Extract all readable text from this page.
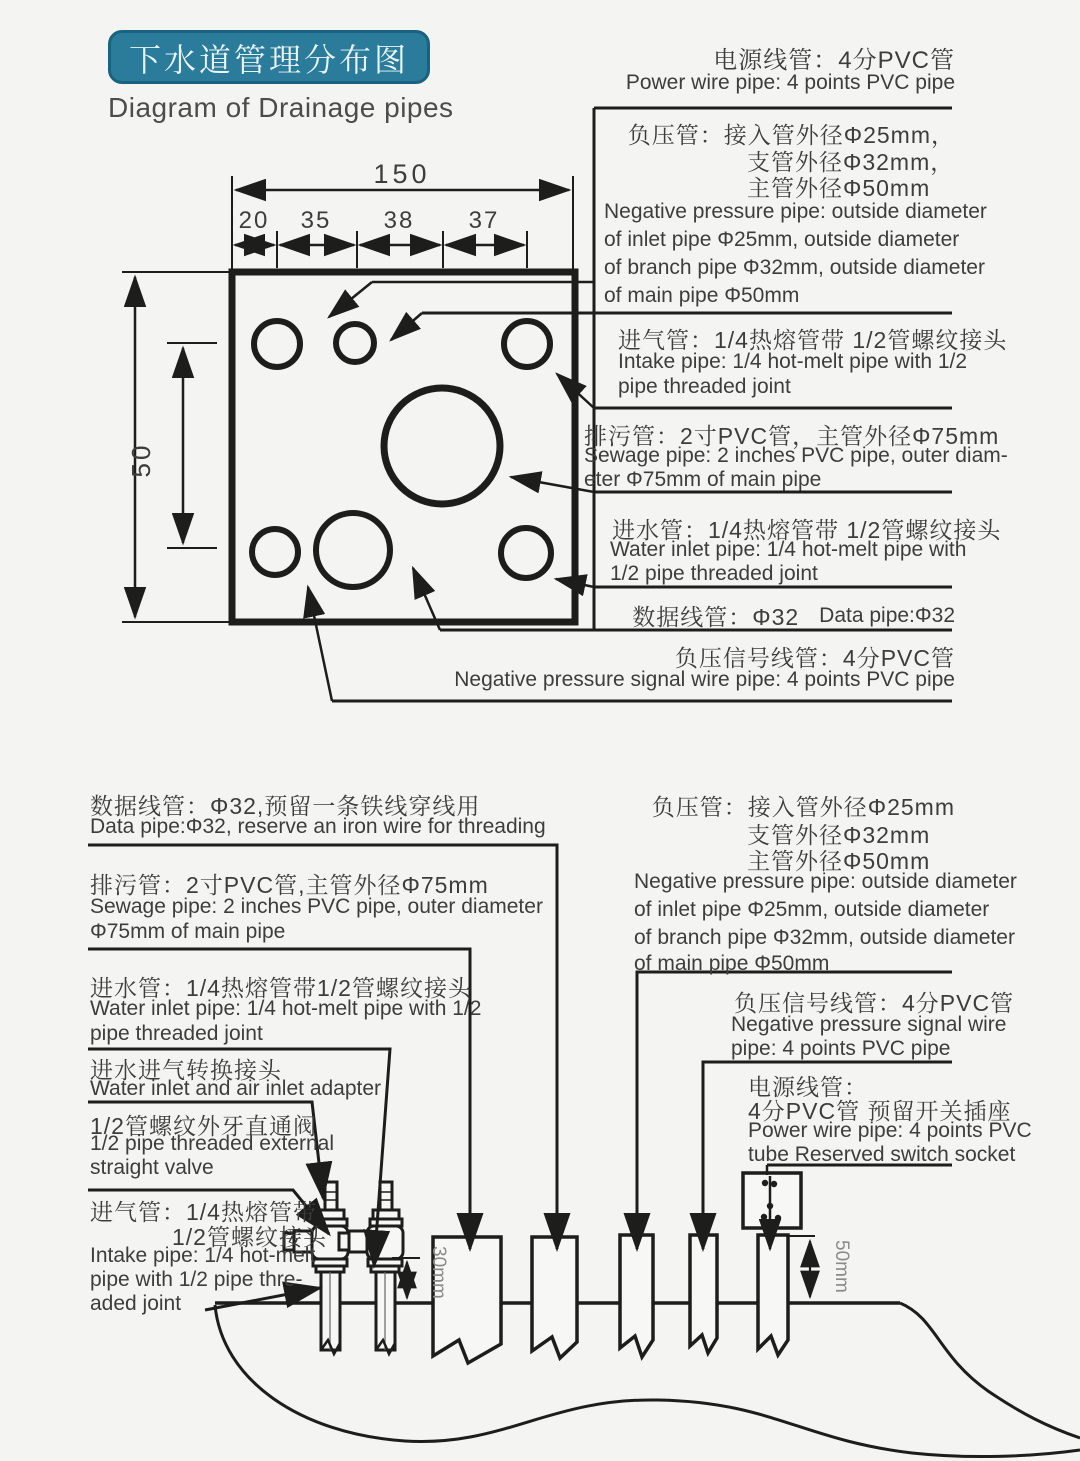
150
20 35 38 37
50
30mm	50mm
下水道管理分布图
Diagram of Drainage pipes
电源线管：4分PVC管
Power wire pipe: 4 points PVC pipe
负压管：接入管外径Φ25mm，
支管外径Φ32mm，
主管外径Φ50mm
Negative pressure pipe: outside diameter
of inlet pipe Φ25mm, outside diameter
of branch pipe Φ32mm, outside diameter
of main pipe Φ50mm
进气管：1/4热熔管带 1/2管螺纹接头
Intake pipe: 1/4 hot-melt pipe with 1/2
pipe threaded joint
排污管：2寸PVC管，主管外径Φ75mm
Sewage pipe: 2 inches PVC pipe, outer diam-
eter Φ75mm of main pipe
进水管：1/4热熔管带 1/2管螺纹接头
Water inlet pipe: 1/4 hot-melt pipe with
1/2 pipe threaded joint
数据线管：Φ32 Data pipe:Φ32
负压信号线管：4分PVC管
Negative pressure signal wire pipe: 4 points PVC pipe
数据线管：Φ32,预留一条铁线穿线用
Data pipe:Φ32, reserve an iron wire for threading
排污管：2寸PVC管,主管外径Φ75mm
Sewage pipe: 2 inches PVC pipe, outer diameter
Φ75mm of main pipe
进水管：1/4热熔管带1/2管螺纹接头
Water inlet pipe: 1/4 hot-melt pipe with 1/2
pipe threaded joint
进水进气转换接头
Water inlet and air inlet adapter
1/2管螺纹外牙直通阀
1/2 pipe threaded external
straight valve
进气管：1/4热熔管带
1/2管螺纹接头
Intake pipe: 1/4 hot-melt
pipe with 1/2 pipe thre-
aded joint
负压管：接入管外径Φ25mm
支管外径Φ32mm
主管外径Φ50mm
Negative pressure pipe: outside diameter
of inlet pipe Φ25mm, outside diameter
of branch pipe Φ32mm, outside diameter
of main pipe Φ50mm
负压信号线管：4分PVC管
Negative pressure signal wire
pipe: 4 points PVC pipe
电源线管：
4分PVC管 预留开关插座
Power wire pipe: 4 points PVC
tube Reserved switch socket
